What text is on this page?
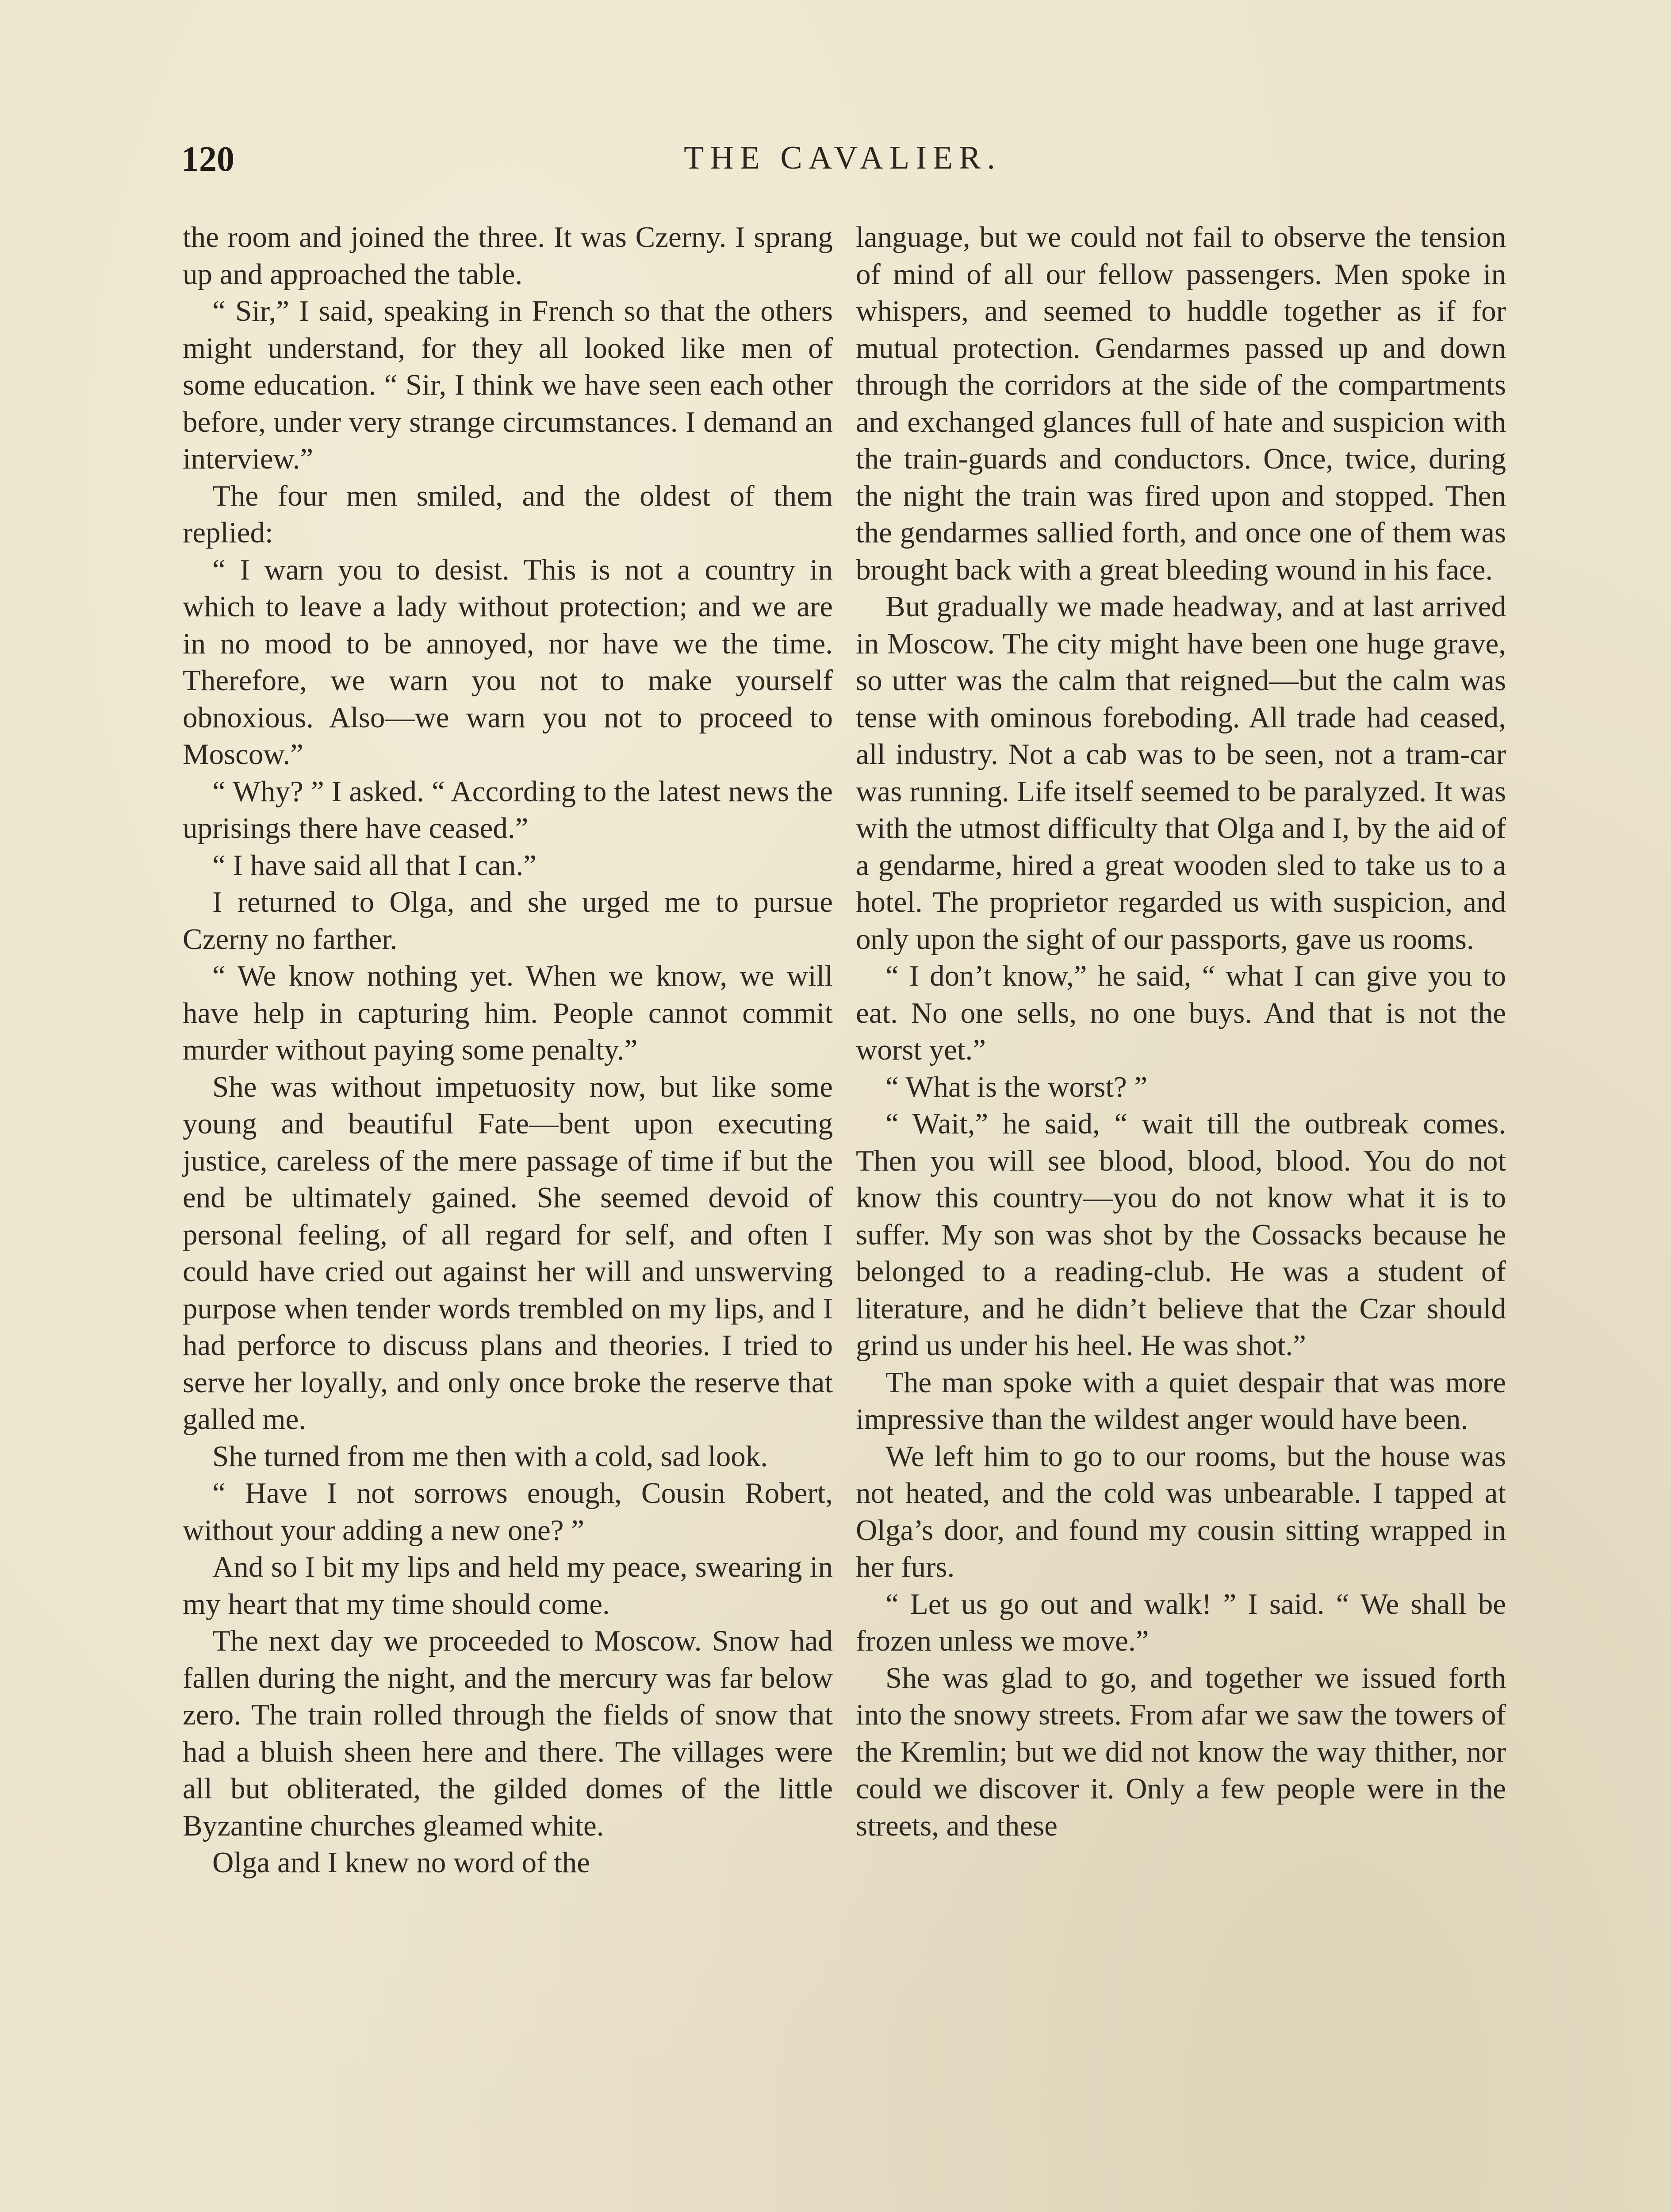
120	THE CAVALIER.

the room and joined the three. It was Czerny. I sprang up and approached the table.

“ Sir,” I said, speaking in French so that the others might understand, for they all looked like men of some education. “ Sir, I think we have seen each other before, under very strange circumstances. I demand an interview.”

The four men smiled, and the oldest of them replied:

“ I warn you to desist. This is not a country in which to leave a lady without protection; and we are in no mood to be annoyed, nor have we the time. Therefore, we warn you not to make yourself obnoxious. Also—we warn you not to proceed to Moscow.”

“ Why? ” I asked. “ According to the latest news the uprisings there have ceased.”

“ I have said all that I can.”

I returned to Olga, and she urged me to pursue Czerny no farther.

“ We know nothing yet. When we know, we will have help in capturing him. People cannot commit murder without paying some penalty.”

She was without impetuosity now, but like some young and beautiful Fate—bent upon executing justice, careless of the mere passage of time if but the end be ultimately gained. She seemed devoid of personal feeling, of all regard for self, and often I could have cried out against her will and unswerving purpose when tender words trembled on my lips, and I had perforce to discuss plans and theories. I tried to serve her loyally, and only once broke the reserve that galled me.

She turned from me then with a cold, sad look.

“ Have I not sorrows enough, Cousin Robert, without your adding a new one? ”

And so I bit my lips and held my peace, swearing in my heart that my time should come.

The next day we proceeded to Moscow. Snow had fallen during the night, and the mercury was far below zero. The train rolled through the fields of snow that had a bluish sheen here and there. The villages were all but obliterated, the gilded domes of the little Byzantine churches gleamed white.

Olga and I knew no word of the

language, but we could not fail to observe the tension of mind of all our fellow passengers. Men spoke in whispers, and seemed to huddle together as if for mutual protection. Gendarmes passed up and down through the corridors at the side of the compartments and exchanged glances full of hate and suspicion with the train-guards and conductors. Once, twice, during the night the train was fired upon and stopped. Then the gendarmes sallied forth, and once one of them was brought back with a great bleeding wound in his face.

But gradually we made headway, and at last arrived in Moscow. The city might have been one huge grave, so utter was the calm that reigned—but the calm was tense with ominous foreboding. All trade had ceased, all industry. Not a cab was to be seen, not a tram-car was running. Life itself seemed to be paralyzed. It was with the utmost difficulty that Olga and I, by the aid of a gendarme, hired a great wooden sled to take us to a hotel. The proprietor regarded us with suspicion, and only upon the sight of our passports, gave us rooms.

“ I don’t know,” he said, “ what I can give you to eat. No one sells, no one buys. And that is not the worst yet.”

“ What is the worst? ”

“ Wait,” he said, “ wait till the outbreak comes. Then you will see blood, blood, blood. You do not know this country—you do not know what it is to suffer. My son was shot by the Cossacks because he belonged to a reading-club. He was a student of literature, and he didn’t believe that the Czar should grind us under his heel. He was shot.”

The man spoke with a quiet despair that was more impressive than the wildest anger would have been.

We left him to go to our rooms, but the house was not heated, and the cold was unbearable. I tapped at Olga’s door, and found my cousin sitting wrapped in her furs.

“ Let us go out and walk! ” I said. “ We shall be frozen unless we move.”

She was glad to go, and together we issued forth into the snowy streets. From afar we saw the towers of the Kremlin; but we did not know the way thither, nor could we discover it. Only a few people were in the streets, and these
